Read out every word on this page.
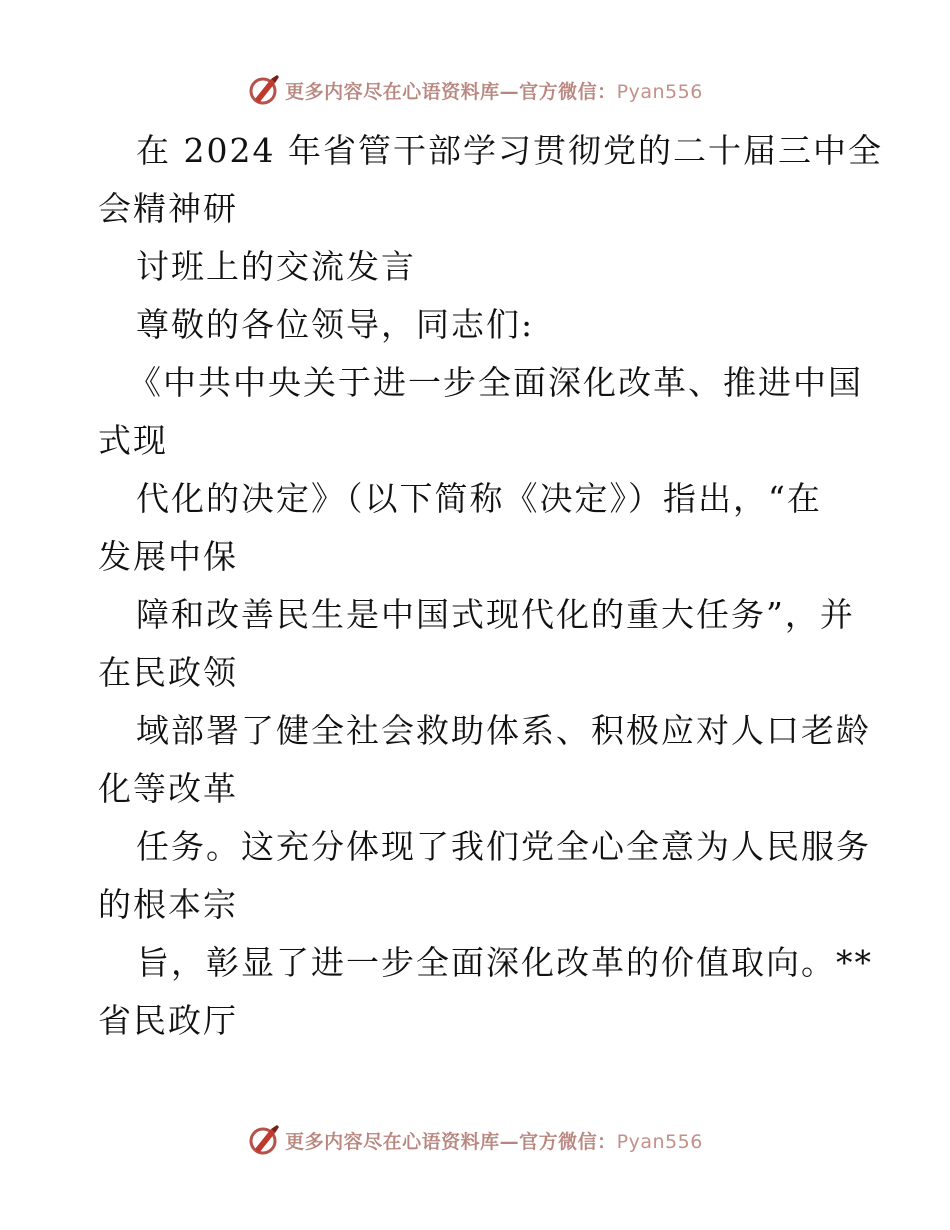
更多内容尽在心语资料库—官方微信：Pyan556
在 2024 年省管干部学习贯彻党的二十届三中全
会精神研
讨班上的交流发言
尊敬的各位领导，同志们:
《中共中央关于进一步全面深化改革、推进中国
式现
代化的决定》（以下简称《决定》）指出，“在
发展中保
障和改善民生是中国式现代化的重大任务”，并
在民政领
域部署了健全社会救助体系、积极应对人口老龄
化等改革
任务。这充分体现了我们党全心全意为人民服务
的根本宗
旨，彰显了进一步全面深化改革的价值取向。**
省民政厅
更多内容尽在心语资料库—官方微信：Pyan556
